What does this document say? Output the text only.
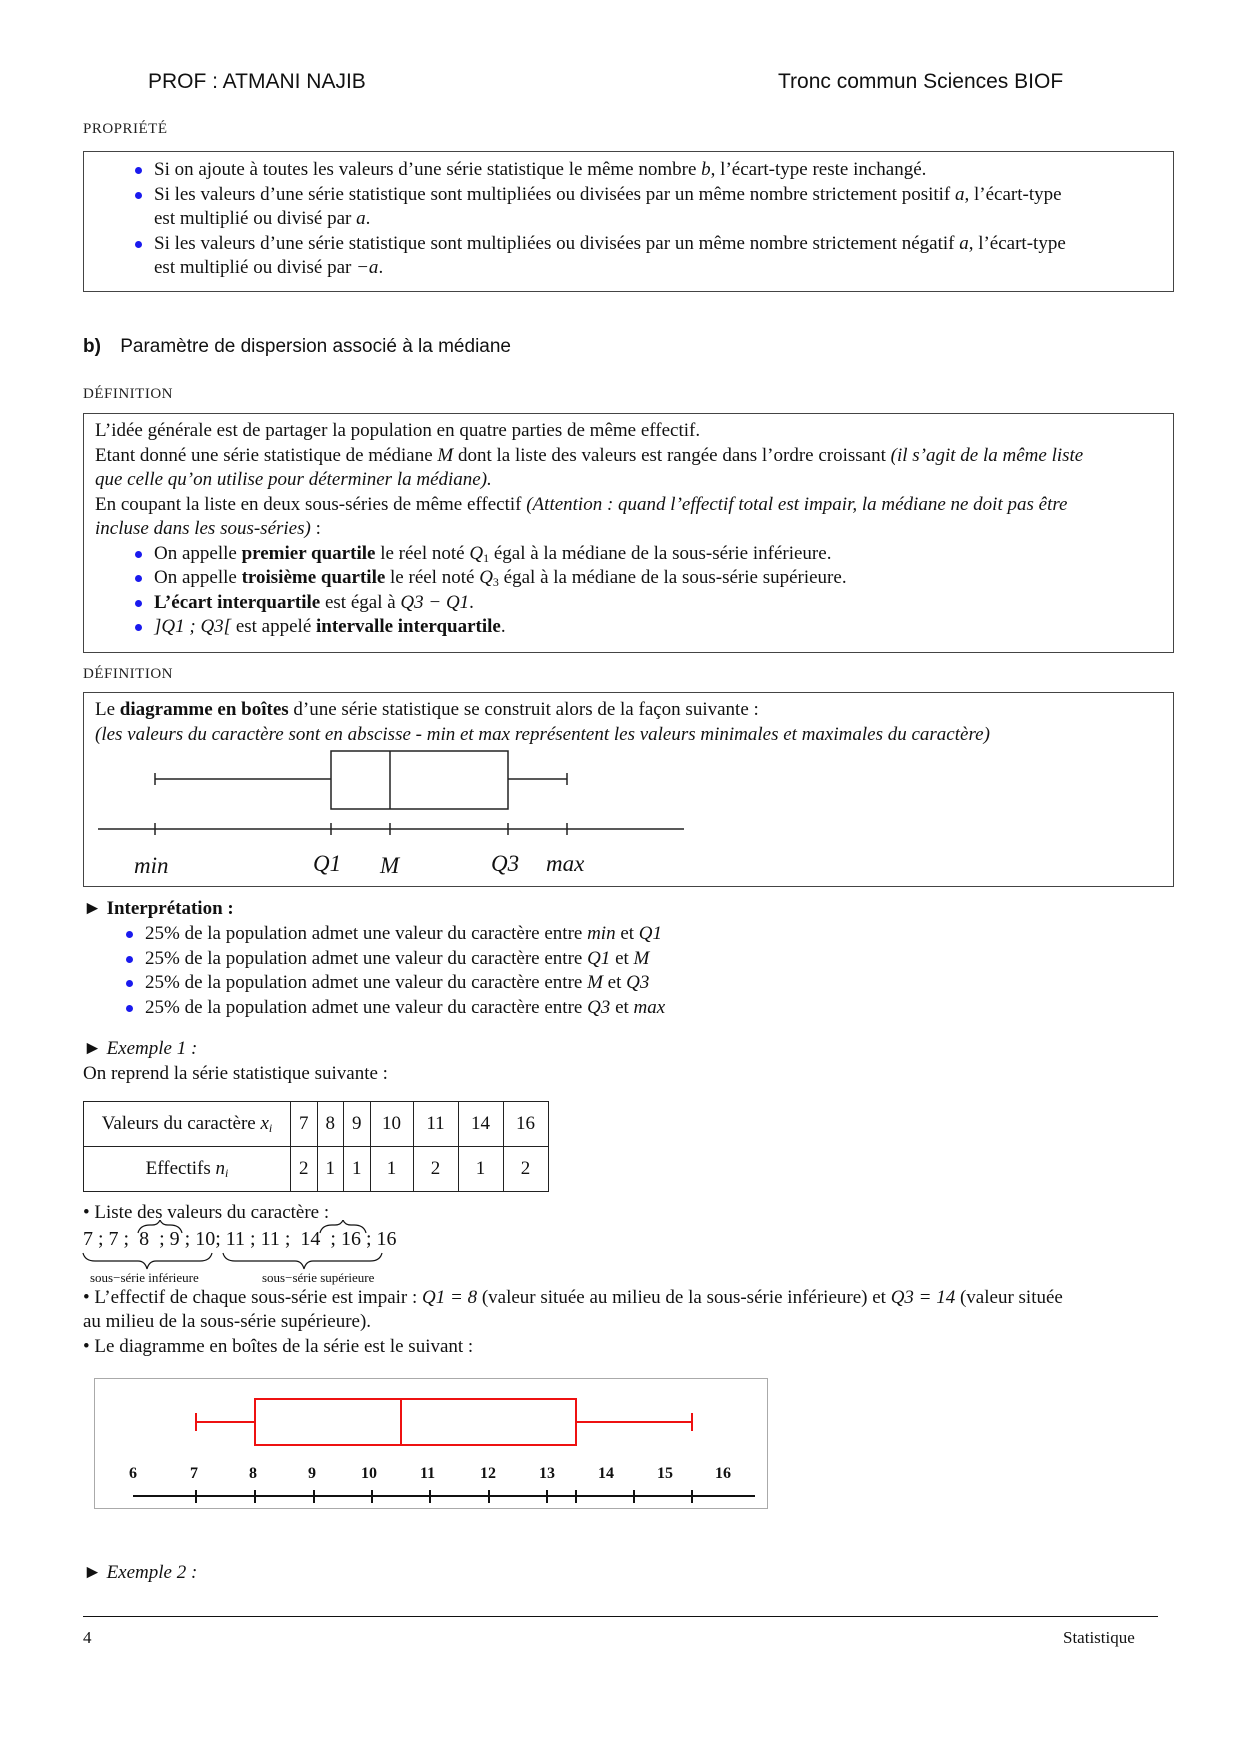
PROF : ATMANI NAJIB	Tronc commun Sciences BIOF
PROPRIÉTÉ
Si on ajoute à toutes les valeurs d’une série statistique le même nombre b, l’écart-type reste inchangé.
Si les valeurs d’une série statistique sont multipliées ou divisées par un même nombre strictement positif a, l’écart-type
est multiplié ou divisé par a.
Si les valeurs d’une série statistique sont multipliées ou divisées par un même nombre strictement négatif a, l’écart-type
est multiplié ou divisé par −a.
b) Paramètre de dispersion associé à la médiane
DÉFINITION
L’idée générale est de partager la population en quatre parties de même effectif.
Etant donné une série statistique de médiane M dont la liste des valeurs est rangée dans l’ordre croissant (il s’agit de la même liste
que celle qu’on utilise pour déterminer la médiane).
En coupant la liste en deux sous-séries de même effectif (Attention : quand l’effectif total est impair, la médiane ne doit pas être
incluse dans les sous-séries) :
On appelle premier quartile le réel noté $Q_1$ égal à la médiane de la sous-série inférieure.
On appelle troisième quartile le réel noté $Q_3$ égal à la médiane de la sous-série supérieure.
L’écart interquartile est égal à Q3 − Q1.
]Q1 ; Q3[ est appelé intervalle interquartile.
DÉFINITION
Le diagramme en boîtes d’une série statistique se construit alors de la façon suivante :
(les valeurs du caractère sont en abscisse - min et max représentent les valeurs minimales et maximales du caractère)
min	Q1 M	Q3 max
► Interprétation :
25% de la population admet une valeur du caractère entre min et Q1
25% de la population admet une valeur du caractère entre Q1 et M
25% de la population admet une valeur du caractère entre M et Q3
25% de la population admet une valeur du caractère entre Q3 et max
► Exemple 1 :
On reprend la série statistique suivante :
Valeurs du caractère $x_i$	7	8	9	10	11	14	16
Effectifs $n_i$	2	1	1	1	2	1	2
• Liste des valeurs du caractère :
7 ; 7 ;  8  ; 9 ; 10; 11 ; 11 ;  14  ; 16 ; 16
sous−série inférieure	sous−série supérieure
• L’effectif de chaque sous-série est impair : Q1 = 8 (valeur située au milieu de la sous-série inférieure) et Q3 = 14 (valeur située
au milieu de la sous-série supérieure).
• Le diagramme en boîtes de la série est le suivant :
6	7	8	9	10	11	12	13	14	15	16
► Exemple 2 :
4	Statistique
